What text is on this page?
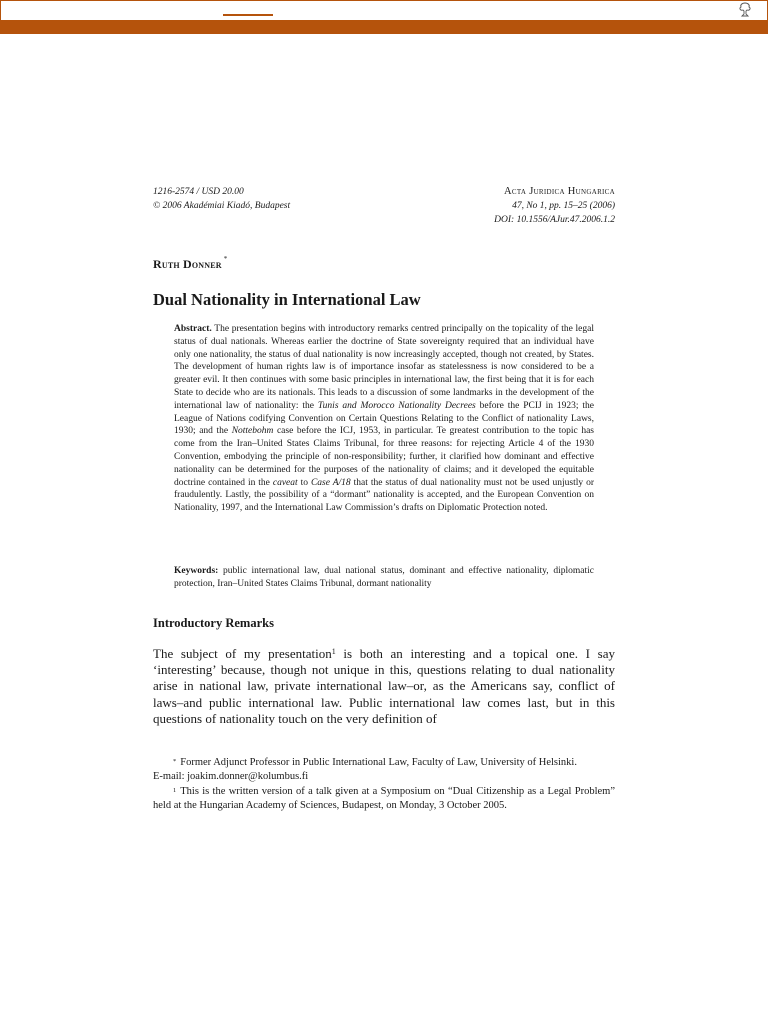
1216-2574 / USD 20.00
© 2006 Akadémiai Kiadó, Budapest
Acta Juridica Hungarica
47, No 1, pp. 15–25 (2006)
DOI: 10.1556/AJur.47.2006.1.2
Ruth Donner *
Dual Nationality in International Law
Abstract. The presentation begins with introductory remarks centred principally on the topicality of the legal status of dual nationals. Whereas earlier the doctrine of State sovereignty required that an individual have only one nationality, the status of dual nationality is now increasingly accepted, though not created, by States. The development of human rights law is of importance insofar as statelessness is now considered to be a greater evil. It then continues with some basic principles in international law, the first being that it is for each State to decide who are its nationals. This leads to a discussion of some landmarks in the development of the international law of nationality: the Tunis and Morocco Nationality Decrees before the PCIJ in 1923; the League of Nations codifying Convention on Certain Questions Relating to the Conflict of nationality Laws, 1930; and the Nottebohm case before the ICJ, 1953, in particular. Te greatest contribution to the topic has come from the Iran–United States Claims Tribunal, for three reasons: for rejecting Article 4 of the 1930 Convention, embodying the principle of non-responsibility; further, it clarified how dominant and effective nationality can be determined for the purposes of the nationality of claims; and it developed the equitable doctrine contained in the caveat to Case A/18 that the status of dual nationality must not be used unjustly or fraudulently. Lastly, the possibility of a “dormant” nationality is accepted, and the European Convention on Nationality, 1997, and the International Law Commission’s drafts on Diplomatic Protection noted.
Keywords: public international law, dual national status, dominant and effective nationality, diplomatic protection, Iran–United States Claims Tribunal, dormant nationality
Introductory Remarks
The subject of my presentation$^1$ is both an interesting and a topical one. I say ‘interesting’ because, though not unique in this, questions relating to dual nationality arise in national law, private international law–or, as the Americans say, conflict of laws–and public international law. Public international law comes last, but in this questions of nationality touch on the very definition of

* Former Adjunct Professor in Public International Law, Faculty of Law, University of Helsinki.

E-mail: joakim.donner@kolumbus.fi

$^1$ This is the written version of a talk given at a Symposium on “Dual Citizenship as a Legal Problem” held at the Hungarian Academy of Sciences, Budapest, on Monday, 3 October 2005.
